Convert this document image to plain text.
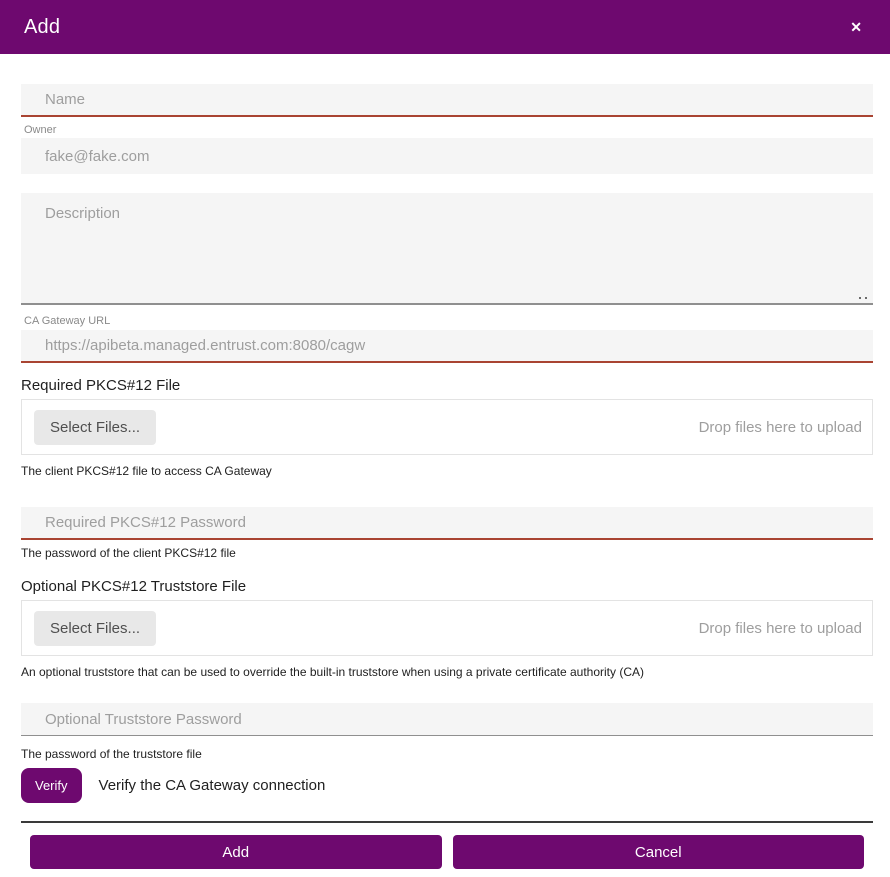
Add	✕
Name
Owner
fake@fake.com
Description
CA Gateway URL
https://apibeta.managed.entrust.com:8080/cagw
Required PKCS#12 File
Select Files...	Drop files here to upload
The client PKCS#12 file to access CA Gateway
The password of the client PKCS#12 file
Optional PKCS#12 Truststore File
Select Files...	Drop files here to upload
An optional truststore that can be used to override the built-in truststore when using a private certificate authority (CA)
The password of the truststore file
Verify	Verify the CA Gateway connection
Add	Cancel
